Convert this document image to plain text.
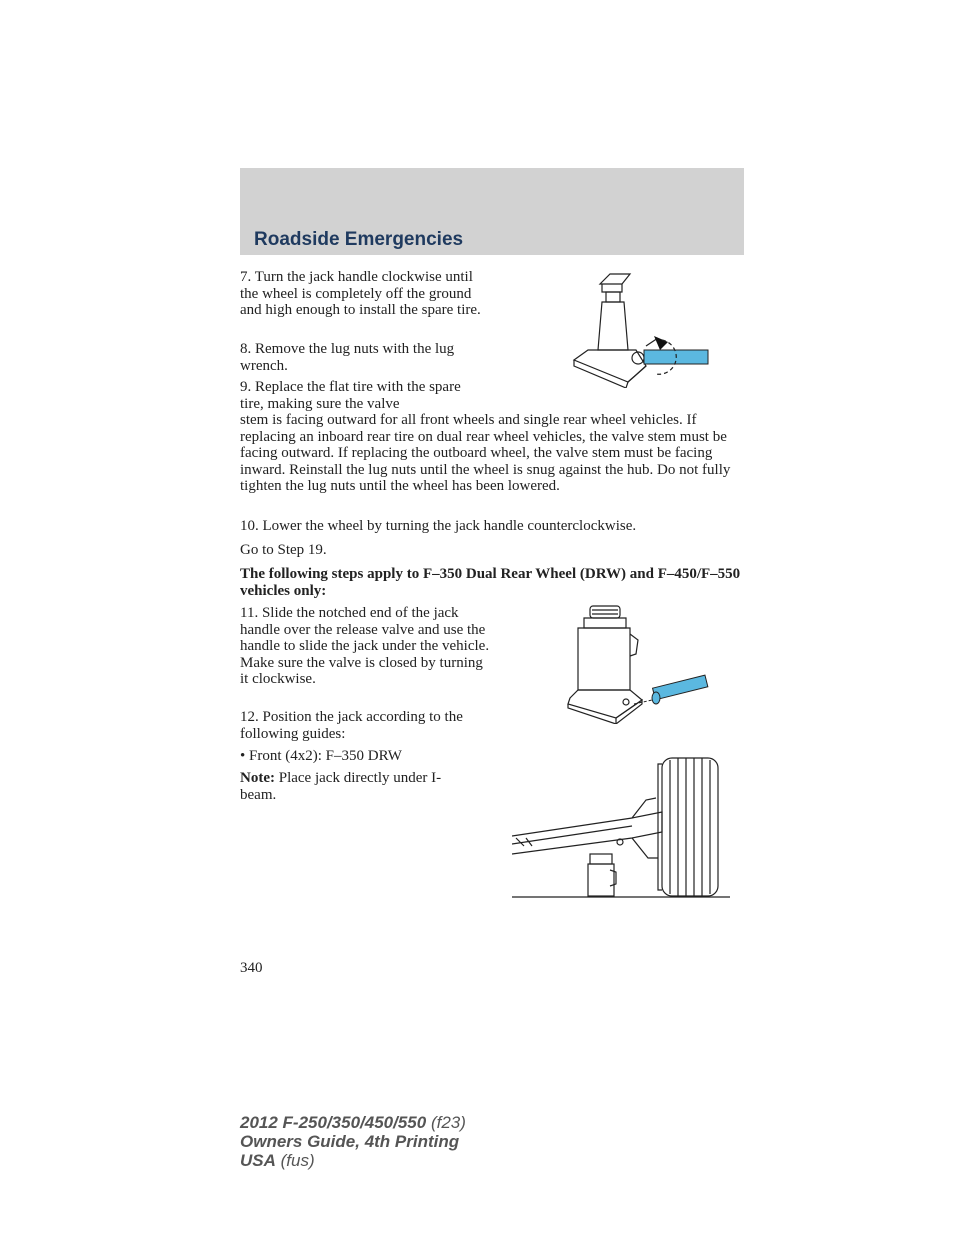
Roadside Emergencies

7. Turn the jack handle clockwise until the wheel is completely off the ground and high enough to install the spare tire.

8. Remove the lug nuts with the lug wrench.

9. Replace the flat tire with the spare tire, making sure the valve

stem is facing outward for all front wheels and single rear wheel vehicles. If replacing an inboard rear tire on dual rear wheel vehicles, the valve stem must be facing outward. If replacing the outboard wheel, the valve stem must be facing inward. Reinstall the lug nuts until the wheel is snug against the hub. Do not fully tighten the lug nuts until the wheel has been lowered.

10. Lower the wheel by turning the jack handle counterclockwise.

Go to Step 19.

The following steps apply to F–350 Dual Rear Wheel (DRW) and F–450/F–550 vehicles only:

11. Slide the notched end of the jack handle over the release valve and use the handle to slide the jack under the vehicle. Make sure the valve is closed by turning it clockwise.

12. Position the jack according to the following guides:

• Front (4x2): F–350 DRW

Note: Place jack directly under I-beam.

340
2012 F-250/350/450/550 (f23)
Owners Guide, 4th Printing
USA (fus)
